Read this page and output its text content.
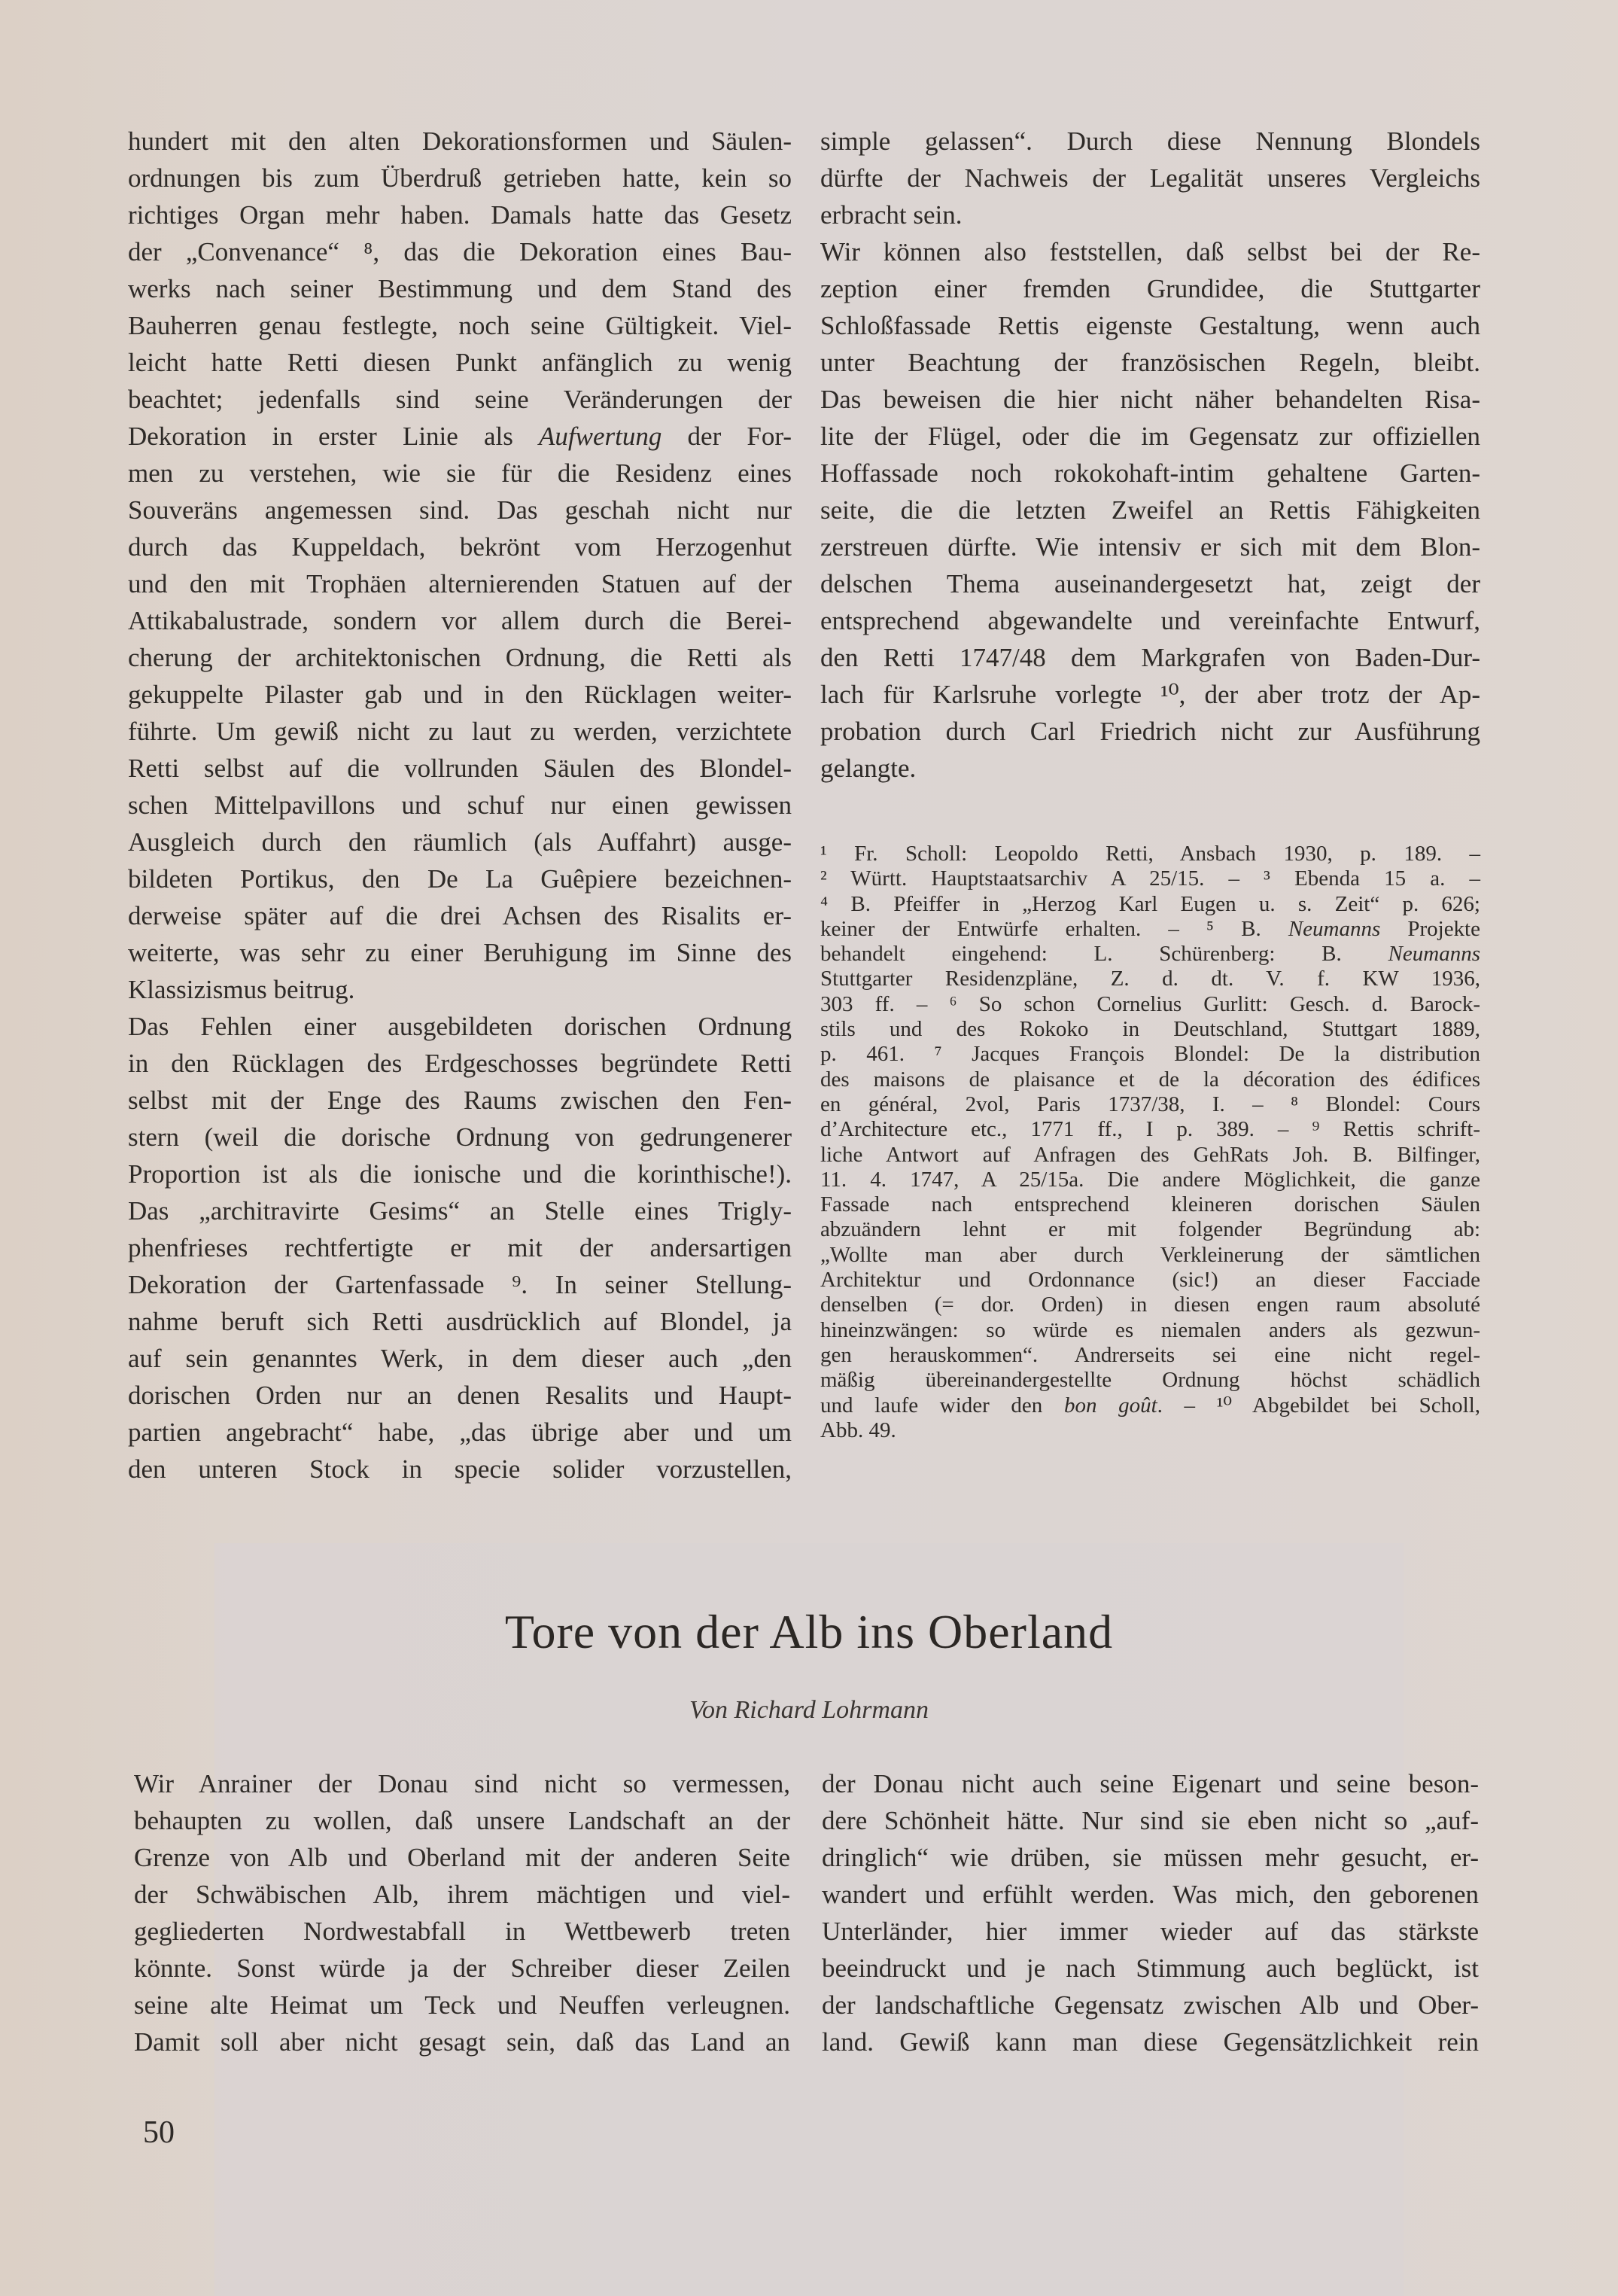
hundert mit den alten Dekorationsformen und Säulen-
ordnungen bis zum Überdruß getrieben hatte, kein so
richtiges Organ mehr haben. Damals hatte das Gesetz
der „Convenance“ ⁸, das die Dekoration eines Bau-
werks nach seiner Bestimmung und dem Stand des
Bauherren genau festlegte, noch seine Gültigkeit. Viel-
leicht hatte Retti diesen Punkt anfänglich zu wenig
beachtet; jedenfalls sind seine Veränderungen der
Dekoration in erster Linie als Aufwertung der For-
men zu verstehen, wie sie für die Residenz eines
Souveräns angemessen sind. Das geschah nicht nur
durch das Kuppeldach, bekrönt vom Herzogenhut
und den mit Trophäen alternierenden Statuen auf der
Attikabalustrade, sondern vor allem durch die Berei-
cherung der architektonischen Ordnung, die Retti als
gekuppelte Pilaster gab und in den Rücklagen weiter-
führte. Um gewiß nicht zu laut zu werden, verzichtete
Retti selbst auf die vollrunden Säulen des Blondel-
schen Mittelpavillons und schuf nur einen gewissen
Ausgleich durch den räumlich (als Auffahrt) ausge-
bildeten Portikus, den De La Guêpiere bezeichnen-
derweise später auf die drei Achsen des Risalits er-
weiterte, was sehr zu einer Beruhigung im Sinne des
Klassizismus beitrug.
Das Fehlen einer ausgebildeten dorischen Ordnung
in den Rücklagen des Erdgeschosses begründete Retti
selbst mit der Enge des Raums zwischen den Fen-
stern (weil die dorische Ordnung von gedrungenerer
Proportion ist als die ionische und die korinthische!).
Das „architravirte Gesims“ an Stelle eines Trigly-
phenfrieses rechtfertigte er mit der andersartigen
Dekoration der Gartenfassade ⁹. In seiner Stellung-
nahme beruft sich Retti ausdrücklich auf Blondel, ja
auf sein genanntes Werk, in dem dieser auch „den
dorischen Orden nur an denen Resalits und Haupt-
partien angebracht“ habe, „das übrige aber und um
den unteren Stock in specie solider vorzustellen,
simple gelassen“. Durch diese Nennung Blondels
dürfte der Nachweis der Legalität unseres Vergleichs
erbracht sein.
Wir können also feststellen, daß selbst bei der Re-
zeption einer fremden Grundidee, die Stuttgarter
Schloßfassade Rettis eigenste Gestaltung, wenn auch
unter Beachtung der französischen Regeln, bleibt.
Das beweisen die hier nicht näher behandelten Risa-
lite der Flügel, oder die im Gegensatz zur offiziellen
Hoffassade noch rokokohaft-intim gehaltene Garten-
seite, die die letzten Zweifel an Rettis Fähigkeiten
zerstreuen dürfte. Wie intensiv er sich mit dem Blon-
delschen Thema auseinandergesetzt hat, zeigt der
entsprechend abgewandelte und vereinfachte Entwurf,
den Retti 1747/48 dem Markgrafen von Baden-Dur-
lach für Karlsruhe vorlegte ¹⁰, der aber trotz der Ap-
probation durch Carl Friedrich nicht zur Ausführung
gelangte.
¹ Fr. Scholl: Leopoldo Retti, Ansbach 1930, p. 189. –
² Württ. Hauptstaatsarchiv A 25/15. – ³ Ebenda 15 a. –
⁴ B. Pfeiffer in „Herzog Karl Eugen u. s. Zeit“ p. 626;
keiner der Entwürfe erhalten. – ⁵ B. Neumanns Projekte
behandelt eingehend: L. Schürenberg: B. Neumanns
Stuttgarter Residenzpläne, Z. d. dt. V. f. KW 1936,
303 ff. – ⁶ So schon Cornelius Gurlitt: Gesch. d. Barock-
stils und des Rokoko in Deutschland, Stuttgart 1889,
p. 461. ⁷ Jacques François Blondel: De la distribution
des maisons de plaisance et de la décoration des édifices
en général, 2vol, Paris 1737/38, I. – ⁸ Blondel: Cours
d’Architecture etc., 1771 ff., I p. 389. – ⁹ Rettis schrift-
liche Antwort auf Anfragen des GehRats Joh. B. Bilfinger,
11. 4. 1747, A 25/15a. Die andere Möglichkeit, die ganze
Fassade nach entsprechend kleineren dorischen Säulen
abzuändern lehnt er mit folgender Begründung ab:
„Wollte man aber durch Verkleinerung der sämtlichen
Architektur und Ordonnance (sic!) an dieser Facciade
denselben (= dor. Orden) in diesen engen raum absoluté
hineinzwängen: so würde es niemalen anders als gezwun-
gen herauskommen“. Andrerseits sei eine nicht regel-
mäßig übereinandergestellte Ordnung höchst schädlich
und laufe wider den bon goût. – ¹⁰ Abgebildet bei Scholl,
Abb. 49.
Tore von der Alb ins Oberland
Von Richard Lohrmann
Wir Anrainer der Donau sind nicht so vermessen,
behaupten zu wollen, daß unsere Landschaft an der
Grenze von Alb und Oberland mit der anderen Seite
der Schwäbischen Alb, ihrem mächtigen und viel-
gegliederten Nordwestabfall in Wettbewerb treten
könnte. Sonst würde ja der Schreiber dieser Zeilen
seine alte Heimat um Teck und Neuffen verleugnen.
Damit soll aber nicht gesagt sein, daß das Land an
der Donau nicht auch seine Eigenart und seine beson-
dere Schönheit hätte. Nur sind sie eben nicht so „auf-
dringlich“ wie drüben, sie müssen mehr gesucht, er-
wandert und erfühlt werden. Was mich, den geborenen
Unterländer, hier immer wieder auf das stärkste
beeindruckt und je nach Stimmung auch beglückt, ist
der landschaftliche Gegensatz zwischen Alb und Ober-
land. Gewiß kann man diese Gegensätzlichkeit rein
50
